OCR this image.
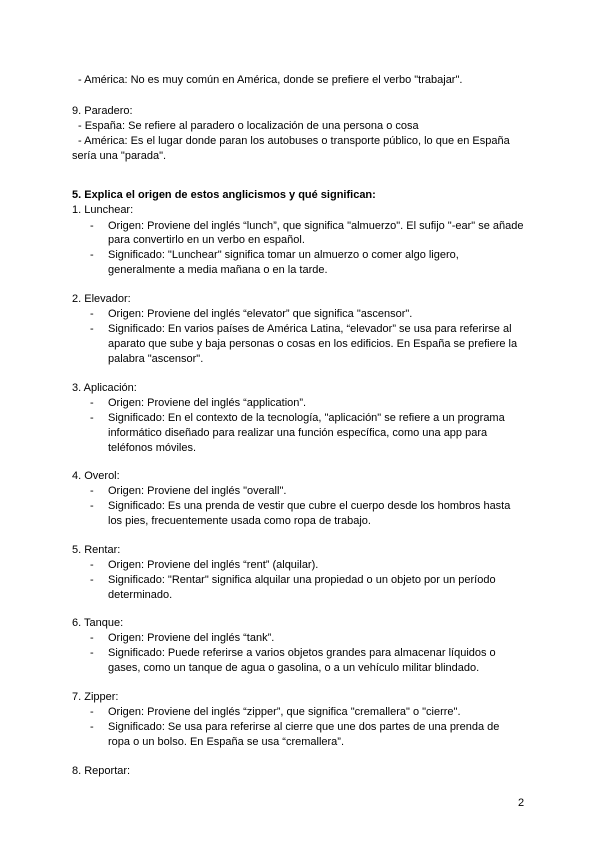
- América: No es muy común en América, donde se prefiere el verbo "trabajar".
9. Paradero:
- España: Se refiere al paradero o localización de una persona o cosa
- América: Es el lugar donde paran los autobuses o transporte público, lo que en España
sería una "parada".
5. Explica el origen de estos anglicismos y qué significan:
1. Lunchear:
- Origen: Proviene del inglés “lunch”, que significa "almuerzo". El sufijo "-ear" se añade
para convertirlo en un verbo en español.
- Significado: "Lunchear" significa tomar un almuerzo o comer algo ligero,
generalmente a media mañana o en la tarde.
2. Elevador:
- Origen: Proviene del inglés “elevator” que significa "ascensor".
- Significado: En varios países de América Latina, “elevador” se usa para referirse al
aparato que sube y baja personas o cosas en los edificios. En España se prefiere la
palabra "ascensor".
3. Aplicación:
- Origen: Proviene del inglés “application”.
- Significado: En el contexto de la tecnología, "aplicación" se refiere a un programa
informático diseñado para realizar una función específica, como una app para
teléfonos móviles.
4. Overol:
- Origen: Proviene del inglés "overall".
- Significado: Es una prenda de vestir que cubre el cuerpo desde los hombros hasta
los pies, frecuentemente usada como ropa de trabajo.
5. Rentar:
- Origen: Proviene del inglés “rent” (alquilar).
- Significado: "Rentar" significa alquilar una propiedad o un objeto por un período
determinado.
6. Tanque:
- Origen: Proviene del inglés “tank”.
- Significado: Puede referirse a varios objetos grandes para almacenar líquidos o
gases, como un tanque de agua o gasolina, o a un vehículo militar blindado.
7. Zipper:
- Origen: Proviene del inglés “zipper”, que significa "cremallera" o "cierre".
- Significado: Se usa para referirse al cierre que une dos partes de una prenda de
ropa o un bolso. En España se usa “cremallera”.
8. Reportar:
2
